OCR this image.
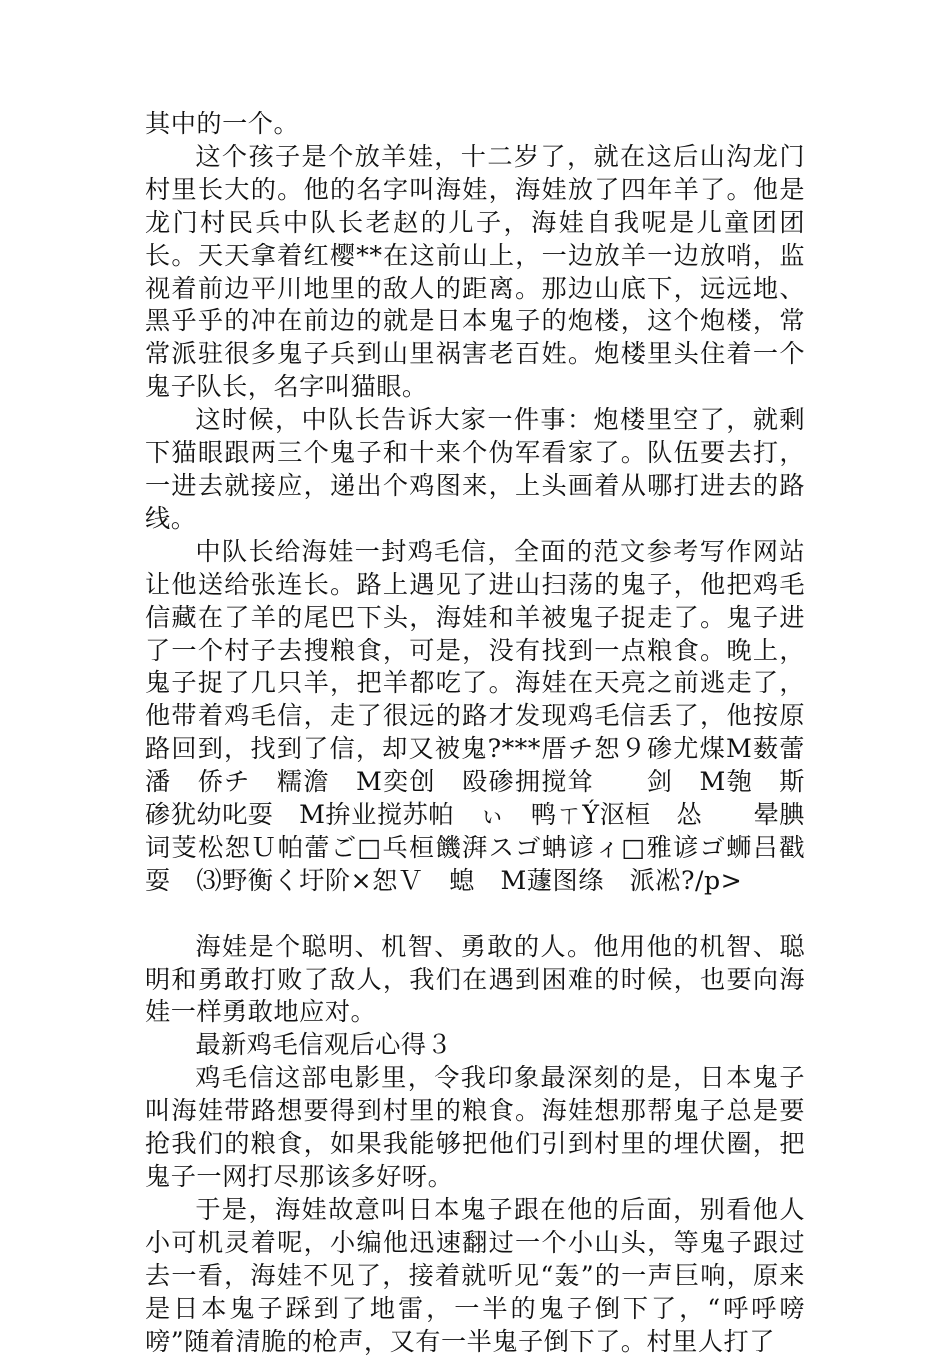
其中的一个。

这个孩子是个放羊娃，十二岁了，就在这后山沟龙门村里长大的。他的名字叫海娃，海娃放了四年羊了。他是龙门村民兵中队长老赵的儿子，海娃自我呢是儿童团团长。天天拿着红樱**在这前山上，一边放羊一边放哨，监视着前边平川地里的敌人的距离。那边山底下，远远地、黑乎乎的冲在前边的就是日本鬼子的炮楼，这个炮楼，常常派驻很多鬼子兵到山里祸害老百姓。炮楼里头住着一个鬼子队长，名字叫猫眼。

这时候，中队长告诉大家一件事：炮楼里空了，就剩下猫眼跟两三个鬼子和十来个伪军看家了。队伍要去打，一进去就接应，递出个鸡图来，上头画着从哪打进去的路线。

中队长给海娃一封鸡毛信，全面的范文参考写作网站让他送给张连长。路上遇见了进山扫荡的鬼子，他把鸡毛信藏在了羊的尾巴下头，海娃和羊被鬼子捉走了。鬼子进了一个村子去搜粮食，可是，没有找到一点粮食。晚上，鬼子捉了几只羊，把羊都吃了。海娃在天亮之前逃走了，他带着鸡毛信，走了很远的路才发现鸡毛信丢了，他按原路回到，找到了信，却又被鬼?***厝チ恕９碜尤煤M薮蕾潘　侨チ　糯澹　M奕创　殴碜拥搅耸　　剑　M匏　斯碜犹幼叱耍　M拚业搅苏帕　ぃ　鸭ㄒÝ沤桓　怂　　晕腆词芰松恕Ｕ帕蕾ご□乓桓饑湃スゴ蚺谚ィ□雅谚ゴ蛳吕戳耍　⑶野衡く圩阶×恕Ｖ　螅　M蘧图绦　派凇?/p>

海娃是个聪明、机智、勇敢的人。他用他的机智、聪明和勇敢打败了敌人，我们在遇到困难的时候，也要向海娃一样勇敢地应对。

最新鸡毛信观后心得３

鸡毛信这部电影里，令我印象最深刻的是，日本鬼子叫海娃带路想要得到村里的粮食。海娃想那帮鬼子总是要抢我们的粮食，如果我能够把他们引到村里的埋伏圈，把鬼子一网打尽那该多好呀。

于是，海娃故意叫日本鬼子跟在他的后面，别看他人小可机灵着呢，小编他迅速翻过一个小山头，等鬼子跟过去一看，海娃不见了，接着就听见“轰”的一声巨响，原来是日本鬼子踩到了地雷，一半的鬼子倒下了，“呼呼嗙嗙”随着清脆的枪声，又有一半鬼子倒下了。村里人打了
